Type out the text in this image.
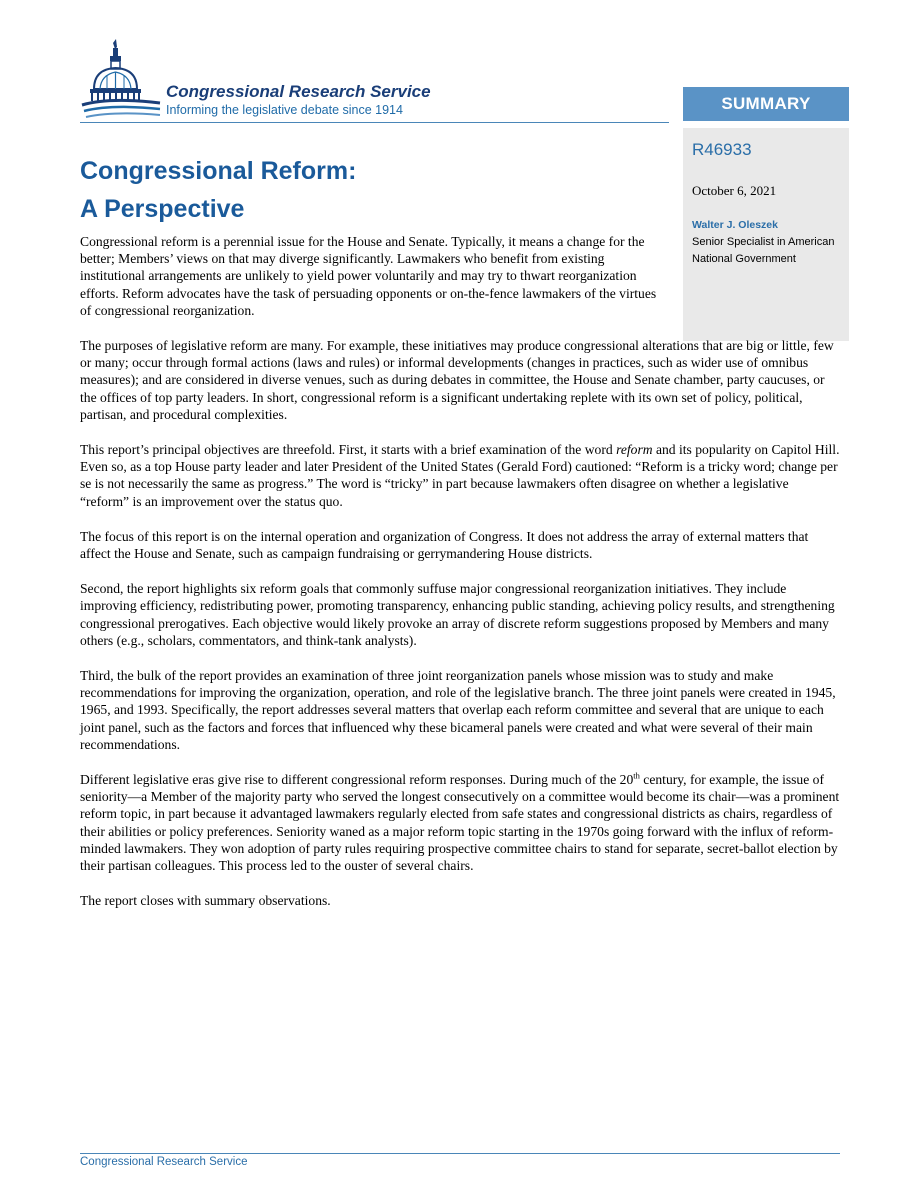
Congressional Research Service

Informing the legislative debate since 1914	SUMMARY

R46933

October 6, 2021

Walter J. Oleszek

Senior Specialist in American National Government

Congressional Reform:
A Perspective

Congressional reform is a perennial issue for the House and Senate. Typically, it means a change for the better; Members’ views on that may diverge significantly. Lawmakers who benefit from existing institutional arrangements are unlikely to yield power voluntarily and may try to thwart reorganization efforts. Reform advocates have the task of persuading opponents or on-the-fence lawmakers of the virtues of congressional reorganization.

The purposes of legislative reform are many. For example, these initiatives may produce congressional alterations that are big or little, few or many; occur through formal actions (laws and rules) or informal developments (changes in practices, such as wider use of omnibus measures); and are considered in diverse venues, such as during debates in committee, the House and Senate chamber, party caucuses, or the offices of top party leaders. In short, congressional reform is a significant undertaking replete with its own set of policy, political, partisan, and procedural complexities.

This report’s principal objectives are threefold. First, it starts with a brief examination of the word reform and its popularity on Capitol Hill. Even so, as a top House party leader and later President of the United States (Gerald Ford) cautioned: “Reform is a tricky word; change per se is not necessarily the same as progress.” The word is “tricky” in part because lawmakers often disagree on whether a legislative “reform” is an improvement over the status quo.

The focus of this report is on the internal operation and organization of Congress. It does not address the array of external matters that affect the House and Senate, such as campaign fundraising or gerrymandering House districts.

Second, the report highlights six reform goals that commonly suffuse major congressional reorganization initiatives. They include improving efficiency, redistributing power, promoting transparency, enhancing public standing, achieving policy results, and strengthening congressional prerogatives. Each objective would likely provoke an array of discrete reform suggestions proposed by Members and many others (e.g., scholars, commentators, and think-tank analysts).

Third, the bulk of the report provides an examination of three joint reorganization panels whose mission was to study and make recommendations for improving the organization, operation, and role of the legislative branch. The three joint panels were created in 1945, 1965, and 1993. Specifically, the report addresses several matters that overlap each reform committee and several that are unique to each joint panel, such as the factors and forces that influenced why these bicameral panels were created and what were several of their main recommendations.

Different legislative eras give rise to different congressional reform responses. During much of the 20th century, for example, the issue of seniority—a Member of the majority party who served the longest consecutively on a committee would become its chair—was a prominent reform topic, in part because it advantaged lawmakers regularly elected from safe states and congressional districts as chairs, regardless of their abilities or policy preferences. Seniority waned as a major reform topic starting in the 1970s going forward with the influx of reform-minded lawmakers. They won adoption of party rules requiring prospective committee chairs to stand for separate, secret-ballot election by their partisan colleagues. This process led to the ouster of several chairs.

The report closes with summary observations.

Congressional Research Service
